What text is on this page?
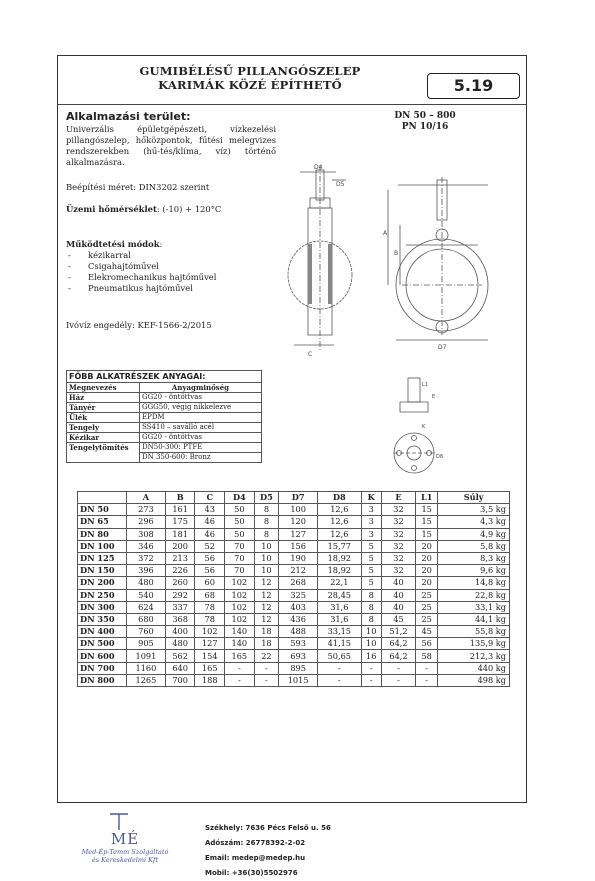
GUMIBÉLÉSŰ PILLANGÓSZELEP
KARIMÁK KÖZÉ ÉPÍTHETŐ	5.19
Alkalmazási terület:	DN 50 – 800
PN 10/16
Univerzális épületgépészeti, vízkezelési pillangószelep, hőközpontok, fűtési melegvizes rendszerekben (hű-tés/klíma, víz) történő alkalmazásra.
Beépítési méret: DIN3202 szerint
Üzemi hőmérséklet: (-10) + 120°C
Működtetési módok:
- kézikarral
- Csigahajtóművel
- Elekromechanikus hajtóművel
- Pneumatikus hajtóművel
Ivóvíz engedély: KEF-1566-2/2015
D4
D5
C
A
B
D7
L1
E
K
D8
FŐBB ALKATRÉSZEK ANYAGAI:	
Megnevezés	Anyagminőség
Ház	GG20 - öntöttvas
Tányér	GGG50, végig nikkelezve
Ülék	EPDM
Tengely	SS410 – saválló acél
Kézikar	GG20 - öntöttvas
Tengelytömítés	DN50-300: PTFE
	DN 350-600: Bronz
	A	B	C	D4	D5	D7	D8	K	E	L1	Súly
DN 50	273	161	43	50	8	100	12,6	3	32	15	3,5 kg
DN 65	296	175	46	50	8	120	12,6	3	32	15	4,3 kg
DN 80	308	181	46	50	8	127	12,6	3	32	15	4,9 kg
DN 100	346	200	52	70	10	156	15,77	5	32	20	5,8 kg
DN 125	372	213	56	70	10	190	18,92	5	32	20	8,3 kg
DN 150	396	226	56	70	10	212	18,92	5	32	20	9,6 kg
DN 200	480	260	60	102	12	268	22,1	5	40	20	14,8 kg
DN 250	540	292	68	102	12	325	28,45	8	40	25	22,8 kg
DN 300	624	337	78	102	12	403	31,6	8	40	25	33,1 kg
DN 350	680	368	78	102	12	436	31,6	8	45	25	44,1 kg
DN 400	760	400	102	140	18	488	33,15	10	51,2	45	55,8 kg
DN 500	905	480	127	140	18	593	41,15	10	64,2	56	135,9 kg
DN 600	1091	562	154	165	22	693	50,65	16	64,2	58	212,3 kg
DN 700	1160	640	165	-	-	895	-	-	-	-	440 kg
DN 800	1265	700	188	-	-	1015	-	-	-	-	498 kg
MÉ
Med-Ép-Temm Szolgáltató
és Kereskedelmi Kft
Székhely: 7636 Pécs Felső u. 56
Adószám: 26778392-2-02
Email: medep@medep.hu
Mobil: +36(30)5502976
